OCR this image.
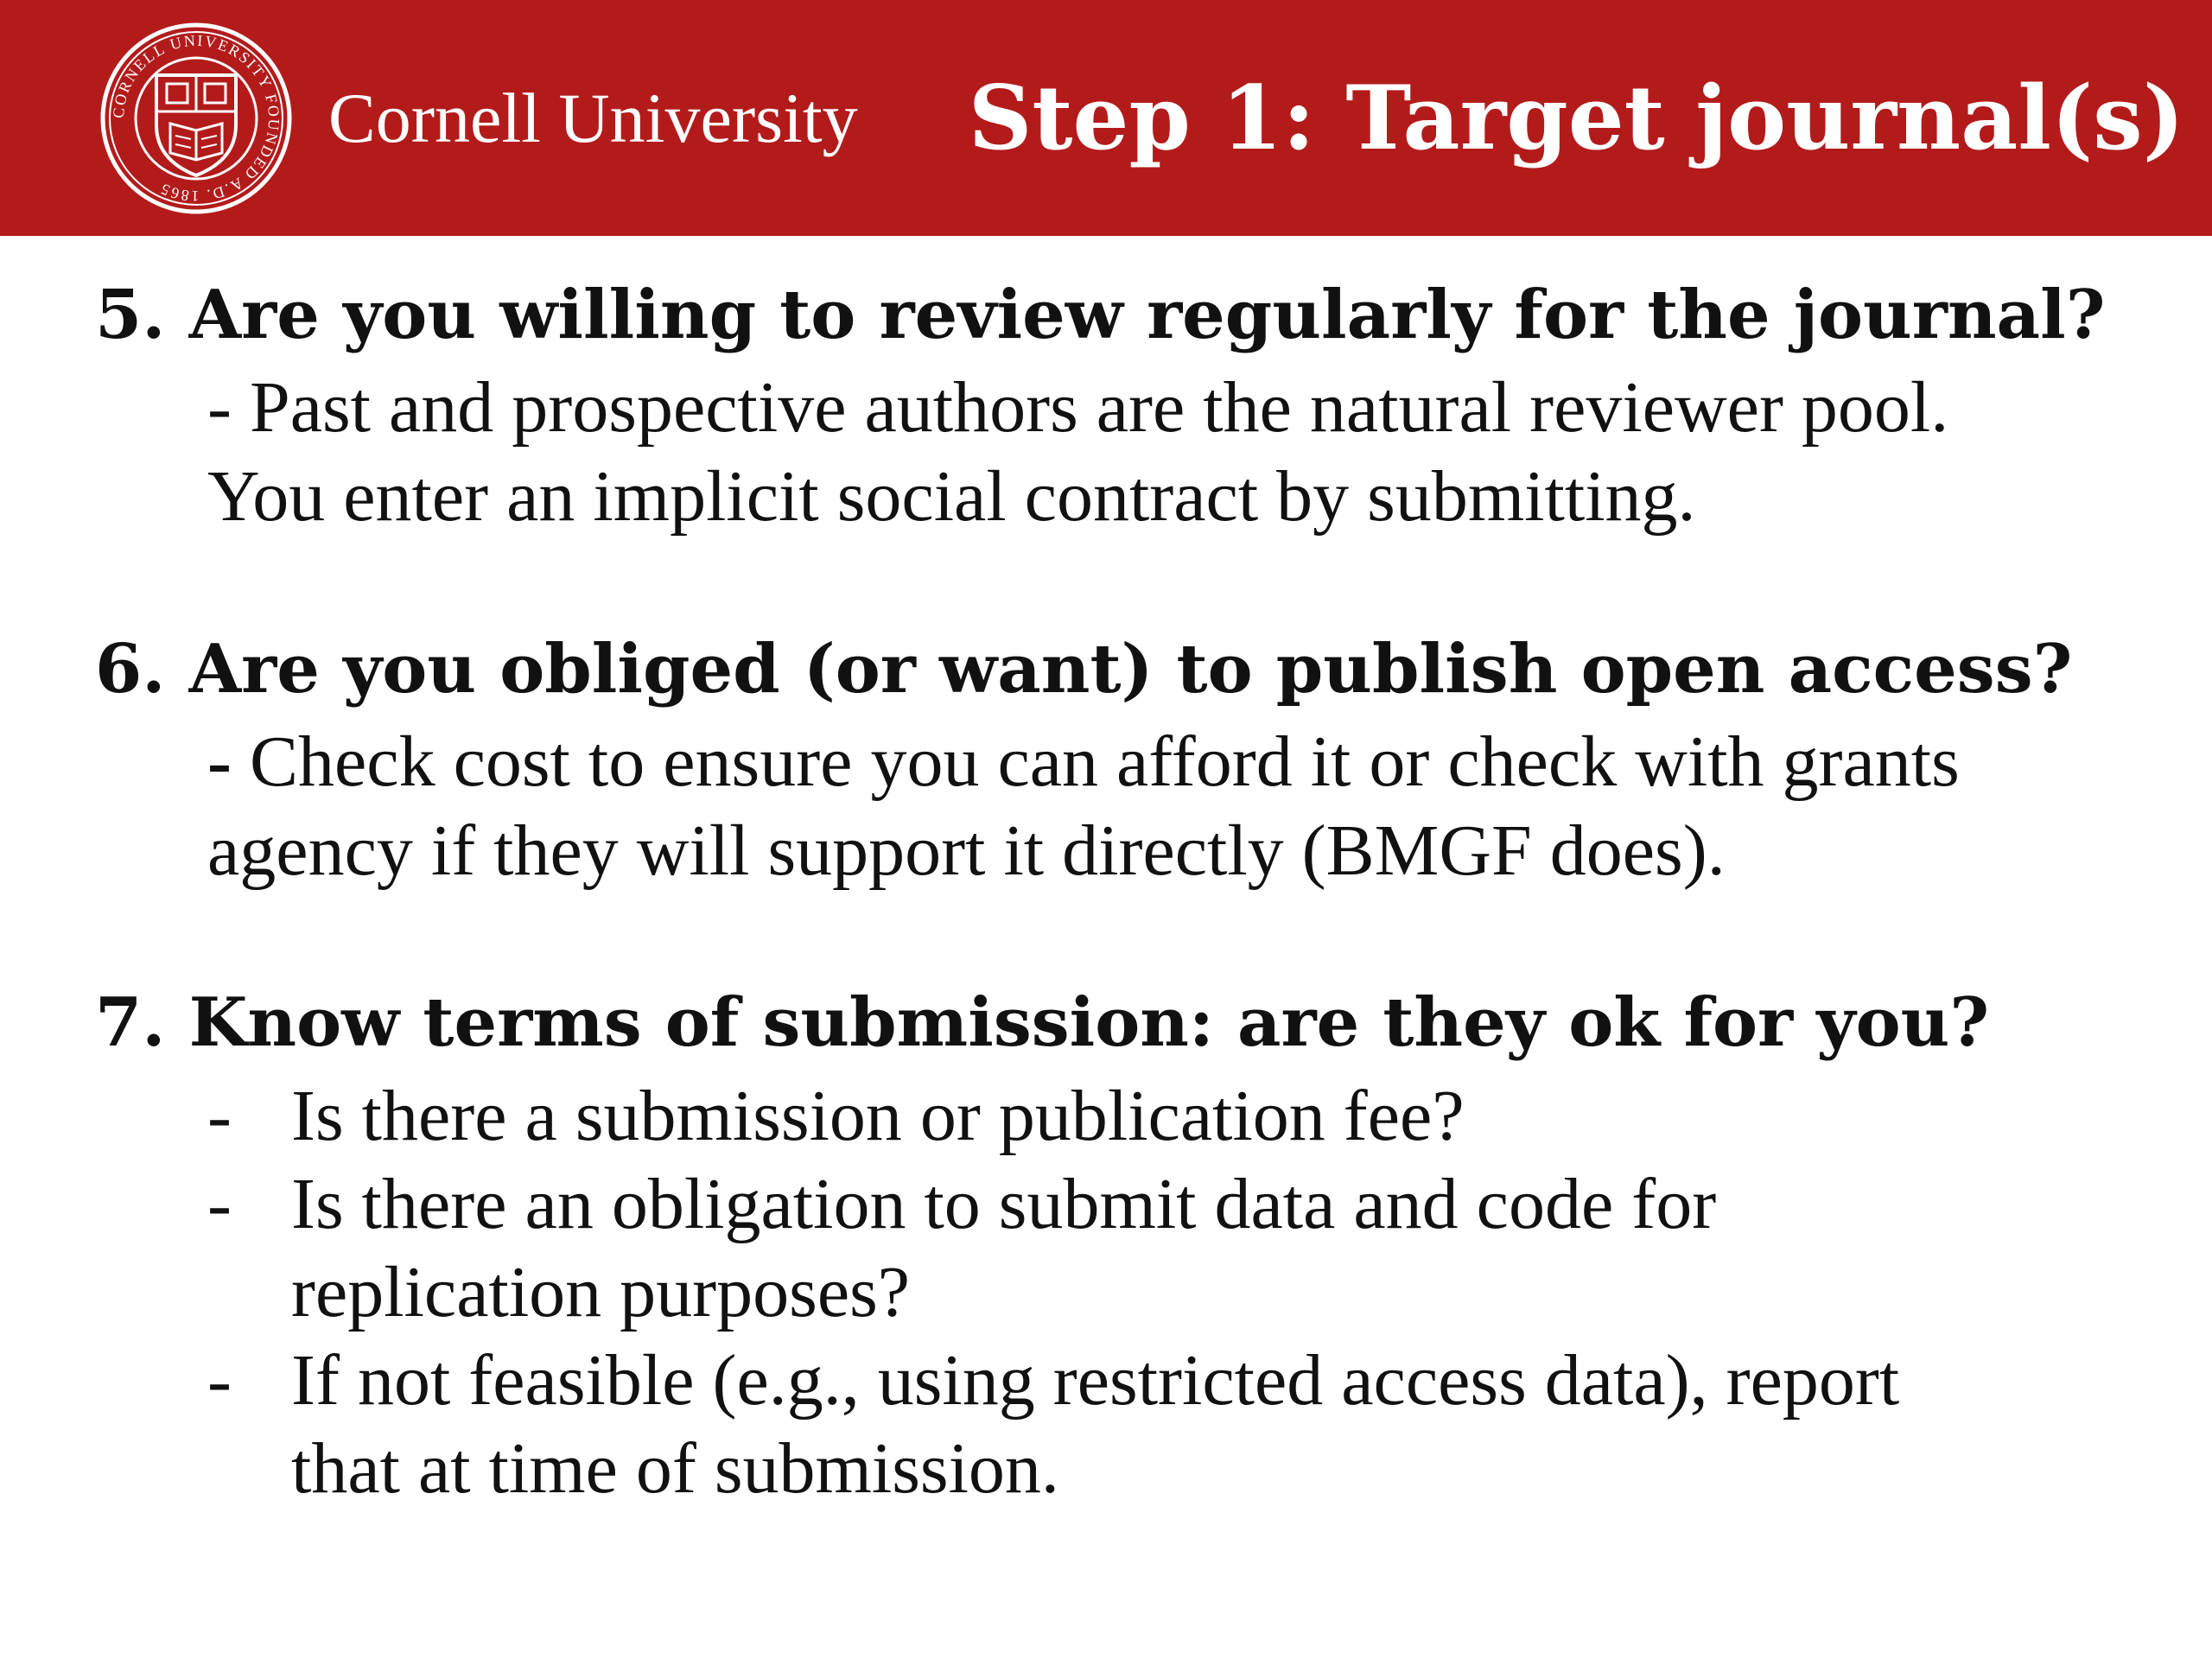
CORNELL UNIVERSITY FOUNDED A.D. 1865
Cornell University Step 1: Target journal(s)
5. Are you willing to review regularly for the journal?
- Past and prospective authors are the natural reviewer pool.
You enter an implicit social contract by submitting.
6. Are you obliged (or want) to publish open access?
- Check cost to ensure you can afford it or check with grants
agency if they will support it directly (BMGF does).
7. Know terms of submission: are they ok for you?
- Is there a submission or publication fee?
- Is there an obligation to submit data and code for
replication purposes?
- If not feasible (e.g., using restricted access data), report
that at time of submission.
